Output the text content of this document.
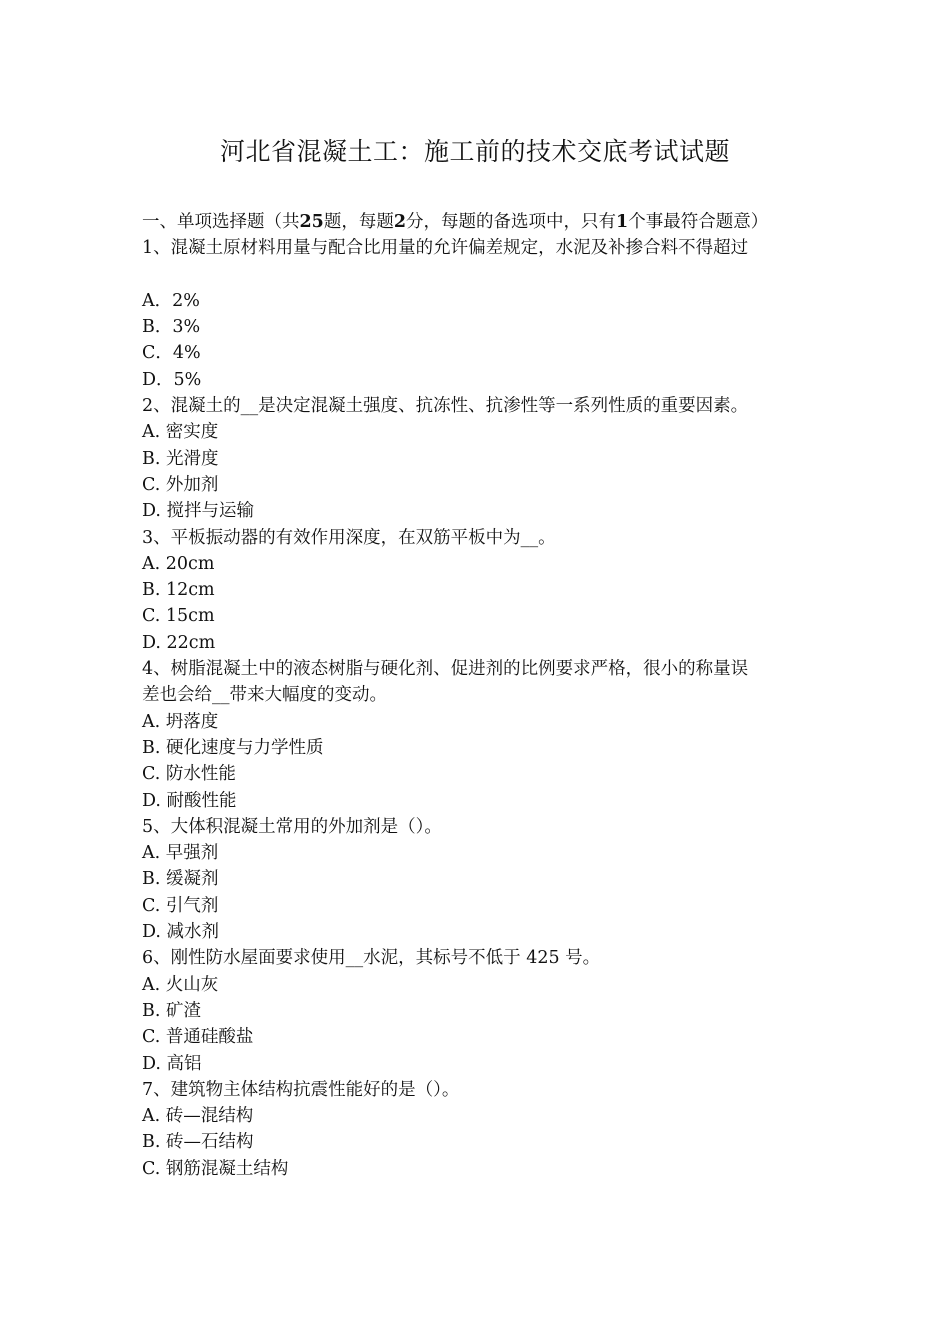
河北省混凝土工：施工前的技术交底考试试题
一、单项选择题（共25题，每题2分，每题的备选项中，只有1个事最符合题意）
1、混凝土原材料用量与配合比用量的允许偏差规定，水泥及补掺合料不得超过
A．2%
B．3%
C．4%
D．5%
2、混凝土的__是决定混凝土强度、抗冻性、抗渗性等一系列性质的重要因素。
A. 密实度
B. 光滑度
C. 外加剂
D. 搅拌与运输
3、平板振动器的有效作用深度，在双筋平板中为__。
A. 20cm
B. 12cm
C. 15cm
D. 22cm
4、树脂混凝土中的液态树脂与硬化剂、促进剂的比例要求严格，很小的称量误
差也会给__带来大幅度的变动。
A. 坍落度
B. 硬化速度与力学性质
C. 防水性能
D. 耐酸性能
5、大体积混凝土常用的外加剂是（）。
A. 早强剂
B. 缓凝剂
C. 引气剂
D. 减水剂
6、刚性防水屋面要求使用__水泥，其标号不低于 425 号。
A. 火山灰
B. 矿渣
C. 普通硅酸盐
D. 高铝
7、建筑物主体结构抗震性能好的是（）。
A. 砖—混结构
B. 砖—石结构
C. 钢筋混凝土结构
